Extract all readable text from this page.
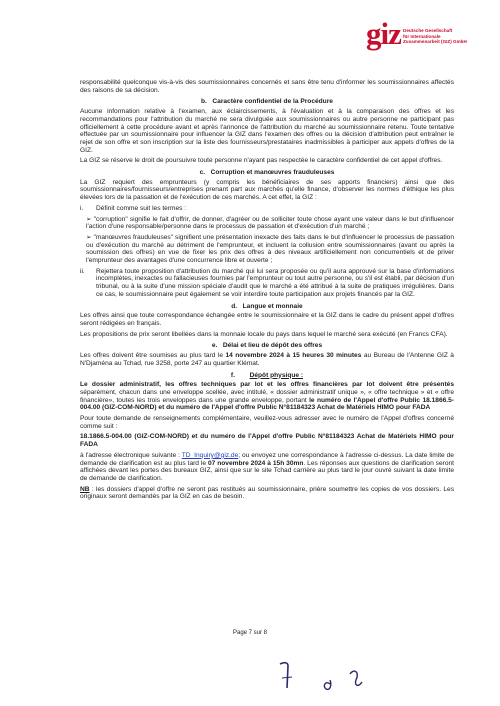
giz Deutsche Gesellschaft
für Internationale
Zusammenarbeit (GIZ) GmbH

responsabilité quelconque vis-à-vis des soumissionnaires concernés et sans être tenu d'informer les soumissionnaires affectés des raisons de sa décision.

b.   Caractère confidentiel de la Procédure

Aucune information relative à l'examen, aux éclaircissements, à l'évaluation et à la comparaison des offres et les recommandations pour l'attribution du marché ne sera divulguée aux soumissionnaires ou autre personne ne participant pas officiellement à cette procédure avant et après l'annonce de l'attribution du marché au soumissionnaire retenu. Toute tentative effectuée par un soumissionnaire pour influencer la GIZ dans l'examen des offres ou la décision d'attribution peut entraîner le rejet de son offre et son inscription sur la liste des fournisseurs/prestataires inadmissibles à participer aux appels d'offres de la GIZ.

La GIZ se réserve le droit de poursuivre toute personne n'ayant pas respectée le caractère confidentiel de cet appel d'offres.

c.   Corruption et manœuvres frauduleuses

La GIZ requiert des emprunteurs (y compris les bénéficiaires de ses apports financiers) ainsi que des soumissionnaires/fournisseurs/entreprises prenant part aux marchés qu'elle finance, d'observer les normes d'éthique les plus élevées lors de la passation et de l'exécution de ces marchés. A cet effet, la GIZ :

i.	Définit comme suit les termes :

➢ "corruption" signifie le fait d'offrir, de donner, d'agréer ou de solliciter toute chose ayant une valeur dans le but d'influencer l'action d'une responsable/personne dans le processus de passation et d'exécution d'un marché ;

➢ "manœuvres frauduleuses" signifient une présentation inexacte des faits dans le but d'influencer le processus de passation ou d'exécution du marché au détriment de l'emprunteur, et incluent la collusion entre soumissionnaires (avant ou après la soumission des offres) en vue de fixer les prix des offres à des niveaux artificiellement non concurrentiels et de priver l'emprunteur des avantages d'une concurrence libre et ouverte ;

ii.	Rejettera toute proposition d'attribution du marché qui lui sera proposée ou qu'il aura approuvé sur la base d'informations incomplètes, inexactes ou fallacieuses fournies par l'emprunteur ou tout autre personne, ou s'il est établi, par décision d'un tribunal, ou à la suite d'une mission spéciale d'audit que le marché a été attribué à la suite de pratiques irrégulières. Dans ce cas, le soumissionnaire peut également se voir interdire toute participation aux projets financés par la GIZ.
d.   Langue et monnaie

Les offres ainsi que toute correspondance échangée entre le soumissionnaire et la GIZ dans le cadre du présent appel d'offres seront rédigées en français.

Les propositions de prix seront libellées dans la monnaie locale du pays dans lequel le marché sera exécuté (en Francs CFA).

e.   Délai et lieu de dépôt des offres

Les offres doivent être soumises au plus tard le 14 novembre 2024 à 15 heures 30 minutes au Bureau de l'Antenne GIZ à N'Djaména au Tchad, rue 3258, porte 247 au quartier Klémat.

f. Dépôt physique :

Le dossier administratif, les offres techniques par lot et les offres financières par lot doivent être présentés séparément, chacun dans une enveloppe scellée, avec intitulé, « dossier administratif unique », « offre technique » et « offre financière», toutes les trois enveloppes dans une grande enveloppe, portant le numéro de l'Appel d'offre Public 18.1866.5-004.00 (GIZ-COM-NORD) et du numéro de l'Appel d'offre Public N°81184323 Achat de Matériels HIMO pour FADA

Pour toute demande de renseignements complémentaire, veuillez-vous adresser avec le numéro de l'Appel d'offres concerné comme suit :

18.1866.5-004.00 (GIZ-COM-NORD) et du numéro de l'Appel d'offre Public N°81184323 Achat de Matériels HIMO pour FADA

à l'adresse électronique suivante : TD_Inquiry@giz.de; ou envoyez une correspondance à l'adresse ci-dessus. La date limite de demande de clarification est au plus tard le 07 novembre 2024 à 15h 30mn. Les réponses aux questions de clarification seront affichées devant les portes des bureaux GIZ, ainsi que sur le site Tchad carrière au plus tard le jour ouvré suivant la date limite de demande de clarification.

NB : les dossiers d'appel d'offre ne seront pas restitués au soumissionnaire, prière soumettre les copies de vos dossiers. Les originaux seront demandés par la GIZ en cas de besoin.

Page 7 sur 8
